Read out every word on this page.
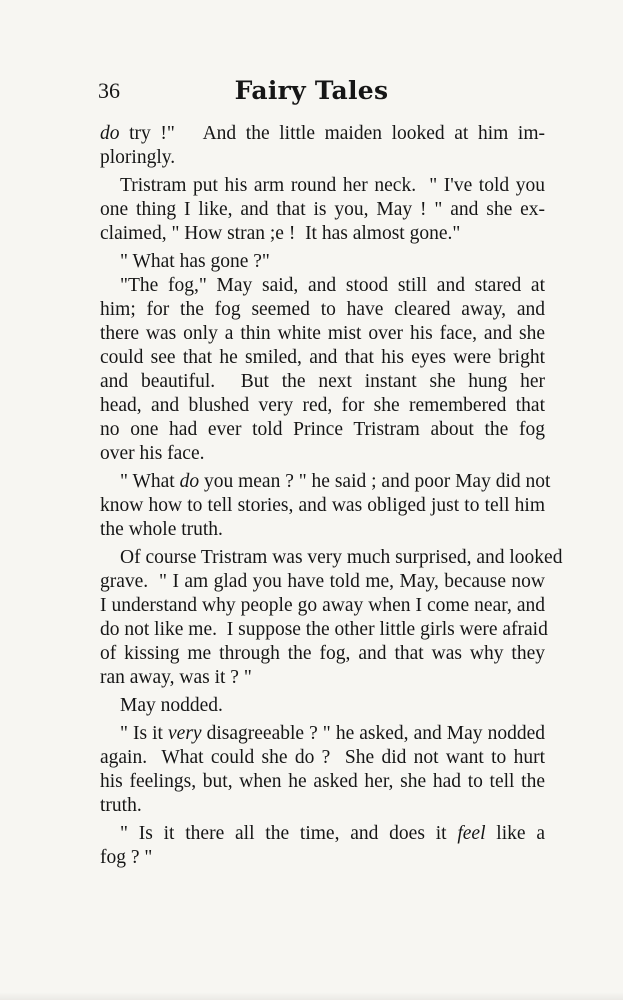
36	Fairy Tales
do try !"   And the little maiden looked at him im-
ploringly.
Tristram put his arm round her neck.  " I've told you
one thing I like, and that is you, May ! " and she ex-
claimed, " How stran ;e !  It has almost gone."
" What has gone ?"
"The fog," May said, and stood still and stared at
him; for the fog seemed to have cleared away, and
there was only a thin white mist over his face, and she
could see that he smiled, and that his eyes were bright
and beautiful.  But the next instant she hung her
head, and blushed very red, for she remembered that
no one had ever told Prince Tristram about the fog
over his face.
" What do you mean ? " he said ; and poor May did not
know how to tell stories, and was obliged just to tell him
the whole truth.
Of course Tristram was very much surprised, and looked
grave.  " I am glad you have told me, May, because now
I understand why people go away when I come near, and
do not like me.  I suppose the other little girls were afraid
of kissing me through the fog, and that was why they
ran away, was it ? "
May nodded.
" Is it very disagreeable ? " he asked, and May nodded
again.  What could she do ?  She did not want to hurt
his feelings, but, when he asked her, she had to tell the
truth.
" Is it there all the time, and does it feel like a
fog ? "
